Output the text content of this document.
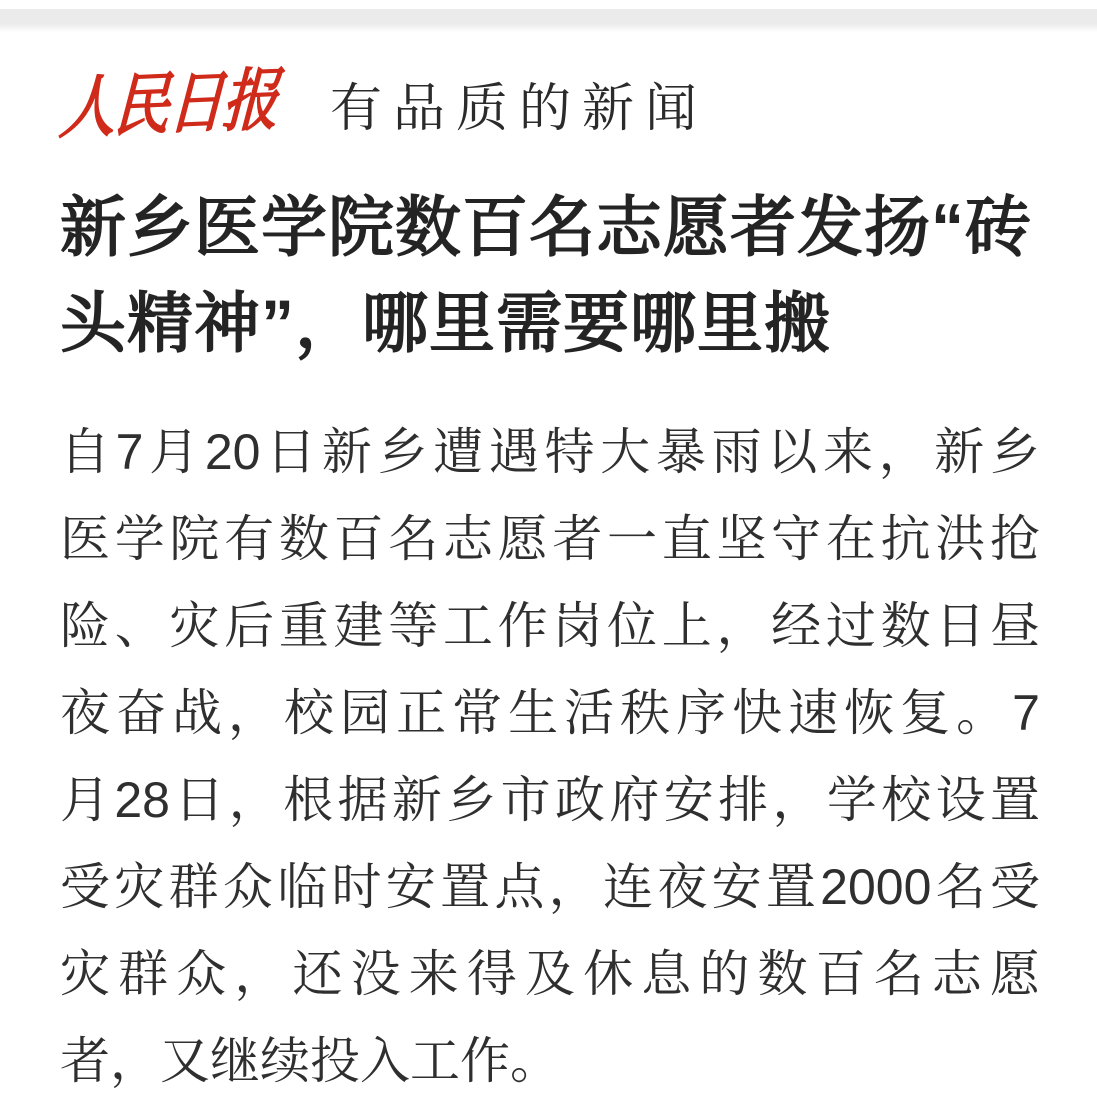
人民日报 有品质的新闻
新乡医学院数百名志愿者发扬“砖
头精神”，哪里需要哪里搬
自7月20日新乡遭遇特大暴雨以来，新乡
医学院有数百名志愿者一直坚守在抗洪抢
险、灾后重建等工作岗位上，经过数日昼
夜奋战，校园正常生活秩序快速恢复。7
月28日，根据新乡市政府安排，学校设置
受灾群众临时安置点，连夜安置2000名受
灾群众，还没来得及休息的数百名志愿
者，又继续投入工作。
